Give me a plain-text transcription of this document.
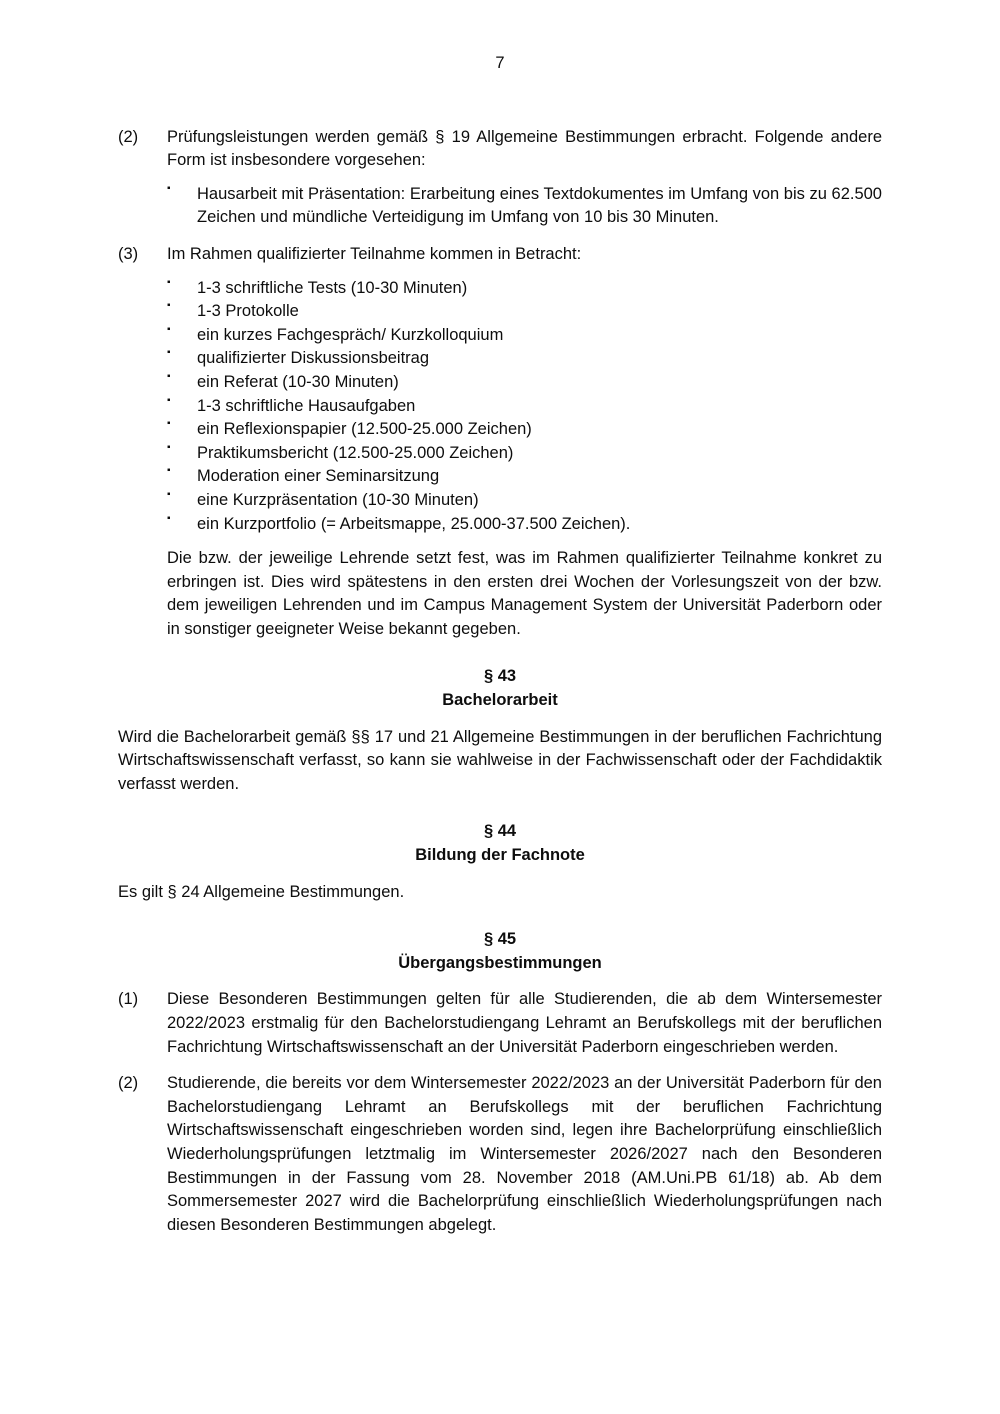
7
(2)	Prüfungsleistungen werden gemäß § 19 Allgemeine Bestimmungen erbracht. Folgende andere Form ist insbesondere vorgesehen:

▪	Hausarbeit mit Präsentation: Erarbeitung eines Textdokumentes im Umfang von bis zu 62.500 Zeichen und mündliche Verteidigung im Umfang von 10 bis 30 Minuten.
(3)	Im Rahmen qualifizierter Teilnahme kommen in Betracht:

▪	1-3 schriftliche Tests (10-30 Minuten)
▪	1-3 Protokolle
▪	ein kurzes Fachgespräch/ Kurzkolloquium
▪	qualifizierter Diskussionsbeitrag
▪	ein Referat (10-30 Minuten)
▪	1-3 schriftliche Hausaufgaben
▪	ein Reflexionspapier (12.500-25.000 Zeichen)
▪	Praktikumsbericht (12.500-25.000 Zeichen)
▪	Moderation einer Seminarsitzung
▪	eine Kurzpräsentation (10-30 Minuten)
▪	ein Kurzportfolio (= Arbeitsmappe, 25.000-37.500 Zeichen).

Die bzw. der jeweilige Lehrende setzt fest, was im Rahmen qualifizierter Teilnahme konkret zu erbringen ist. Dies wird spätestens in den ersten drei Wochen der Vorlesungszeit von der bzw. dem jeweiligen Lehrenden und im Campus Management System der Universität Paderborn oder in sonstiger geeigneter Weise bekannt gegeben.

§ 43
Bachelorarbeit

Wird die Bachelorarbeit gemäß §§ 17 und 21 Allgemeine Bestimmungen in der beruflichen Fachrichtung Wirtschaftswissenschaft verfasst, so kann sie wahlweise in der Fachwissenschaft oder der Fachdidaktik verfasst werden.

§ 44
Bildung der Fachnote

Es gilt § 24 Allgemeine Bestimmungen.

§ 45
Übergangsbestimmungen
(1)	Diese Besonderen Bestimmungen gelten für alle Studierenden, die ab dem Wintersemester 2022/2023 erstmalig für den Bachelorstudiengang Lehramt an Berufskollegs mit der beruflichen Fachrichtung Wirtschaftswissenschaft an der Universität Paderborn eingeschrieben werden.

(2)	Studierende, die bereits vor dem Wintersemester 2022/2023 an der Universität Paderborn für den Bachelorstudiengang Lehramt an Berufskollegs mit der beruflichen Fachrichtung Wirtschaftswissenschaft eingeschrieben worden sind, legen ihre Bachelorprüfung einschließlich Wiederholungsprüfungen letztmalig im Wintersemester 2026/2027 nach den Besonderen Bestimmungen in der Fassung vom 28. November 2018 (AM.Uni.PB 61/18) ab. Ab dem Sommersemester 2027 wird die Bachelorprüfung einschließlich Wiederholungsprüfungen nach diesen Besonderen Bestimmungen abgelegt.
